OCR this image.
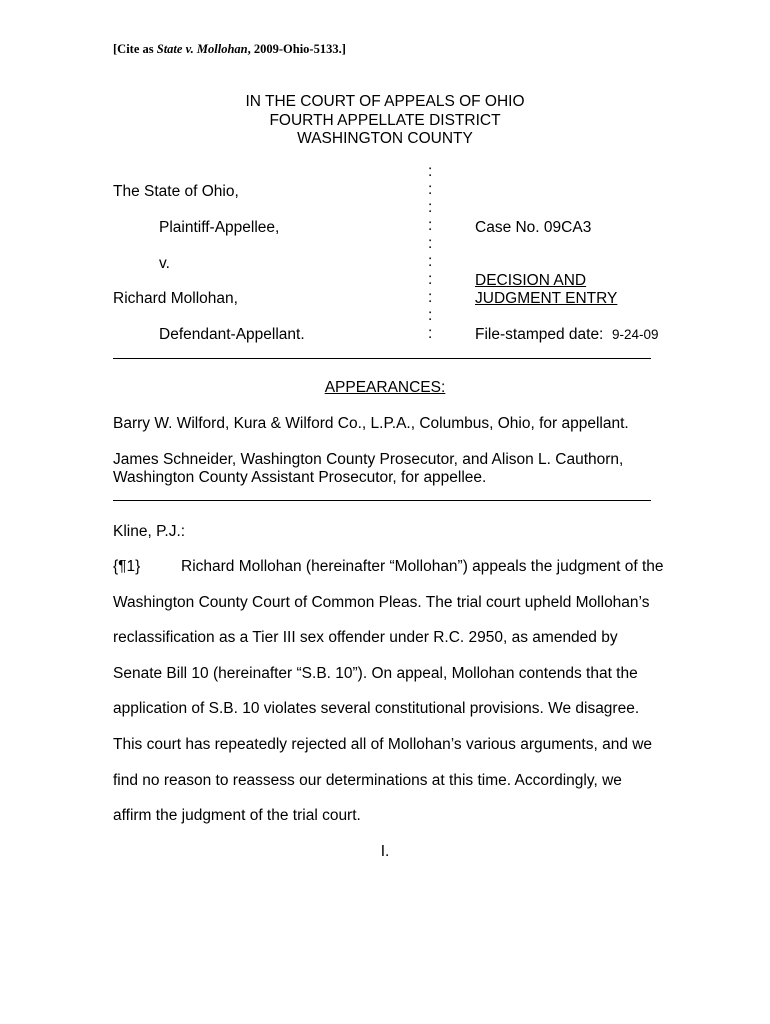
[Cite as State v. Mollohan, 2009-Ohio-5133.]
IN THE COURT OF APPEALS OF OHIO
FOURTH APPELLATE DISTRICT
WASHINGTON COUNTY
:
:
:
:
:
:
:
:
:
:
The State of Ohio,
Plaintiff-Appellee,
v.
Richard Mollohan,
Defendant-Appellant.
Case No. 09CA3
DECISION AND
JUDGMENT ENTRY
File-stamped date: 9-24-09
APPEARANCES:
Barry W. Wilford, Kura & Wilford Co., L.P.A., Columbus, Ohio, for appellant.
James Schneider, Washington County Prosecutor, and Alison L. Cauthorn,
Washington County Assistant Prosecutor, for appellee.
Kline, P.J.:
{¶1}	Richard Mollohan (hereinafter “Mollohan”) appeals the judgment of the
Washington County Court of Common Pleas. The trial court upheld Mollohan’s
reclassification as a Tier III sex offender under R.C. 2950, as amended by
Senate Bill 10 (hereinafter “S.B. 10”). On appeal, Mollohan contends that the
application of S.B. 10 violates several constitutional provisions. We disagree.
This court has repeatedly rejected all of Mollohan’s various arguments, and we
find no reason to reassess our determinations at this time. Accordingly, we
affirm the judgment of the trial court.
I.
